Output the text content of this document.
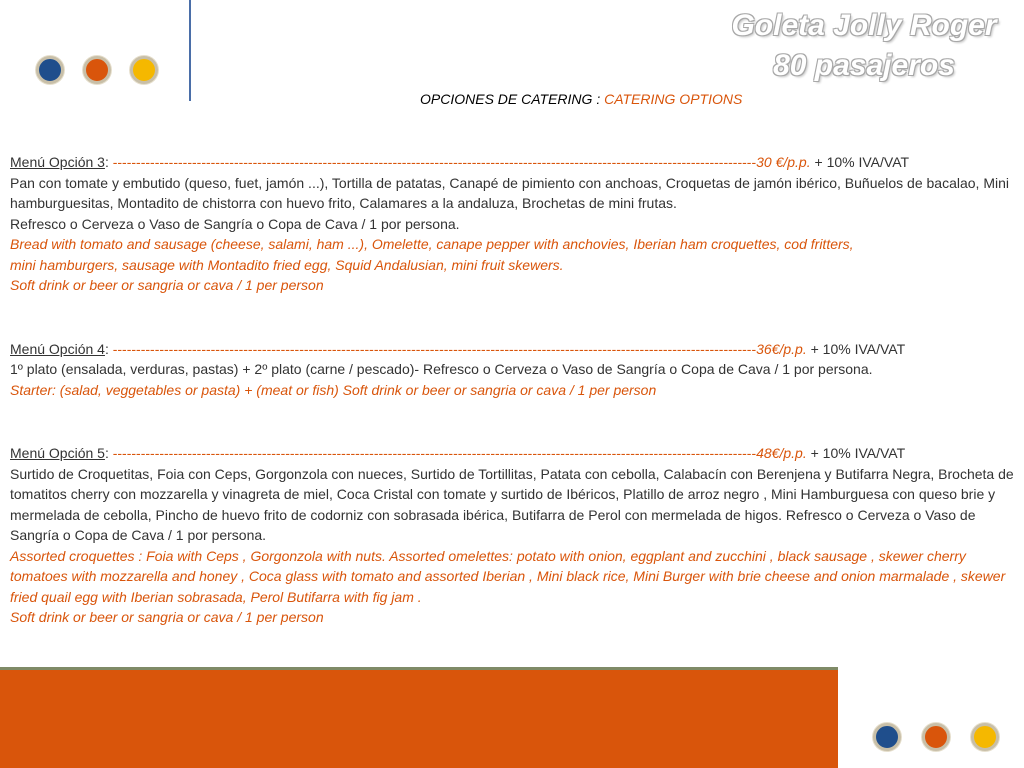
Goleta Jolly Roger
80 pasajeros
OPCIONES DE CATERING : CATERING OPTIONS
Menú Opción 3: ------------------------------------------------------------------------------------------------------------------------------------------30 €/p.p. + 10% IVA/VAT

Pan con tomate y embutido (queso, fuet, jamón ...), Tortilla de patatas, Canapé de pimiento con anchoas, Croquetas de jamón ibérico, Buñuelos de bacalao, Mini hamburguesitas, Montadito de chistorra con huevo frito, Calamares a la andaluza, Brochetas de mini frutas.

Refresco o Cerveza o Vaso de Sangría o Copa de Cava / 1 por persona.

Bread with tomato and sausage (cheese, salami, ham ...), Omelette, canape pepper with anchovies, Iberian ham croquettes, cod fritters,

mini hamburgers, sausage with Montadito fried egg, Squid Andalusian, mini fruit skewers.

Soft drink or beer or sangria or cava / 1 per person

Menú Opción 4: ------------------------------------------------------------------------------------------------------------------------------------------36€/p.p. + 10% IVA/VAT

1º plato (ensalada, verduras, pastas) + 2º plato (carne / pescado)- Refresco o Cerveza o Vaso de Sangría o Copa de Cava / 1 por persona.

Starter: (salad, veggetables or pasta) + (meat or fish) Soft drink or beer or sangria or cava / 1 per person

Menú Opción 5: ------------------------------------------------------------------------------------------------------------------------------------------48€/p.p. + 10% IVA/VAT

Surtido de Croquetitas, Foia con Ceps, Gorgonzola con nueces, Surtido de Tortillitas, Patata con cebolla, Calabacín con Berenjena y Butifarra Negra, Brocheta de tomatitos cherry con mozzarella y vinagreta de miel, Coca Cristal con tomate y surtido de Ibéricos, Platillo de arroz negro , Mini Hamburguesa con queso brie y mermelada de cebolla, Pincho de huevo frito de codorniz con sobrasada ibérica, Butifarra de Perol con mermelada de higos. Refresco o Cerveza o Vaso de Sangría o Copa de Cava / 1 por persona.

Assorted croquettes : Foia with Ceps , Gorgonzola with nuts. Assorted omelettes: potato with onion, eggplant and zucchini , black sausage , skewer cherry tomatoes with mozzarella and honey , Coca glass with tomato and assorted Iberian , Mini black rice, Mini Burger with brie cheese and onion marmalade , skewer fried quail egg with Iberian sobrasada, Perol Butifarra with fig jam .

Soft drink or beer or sangria or cava / 1 per person
